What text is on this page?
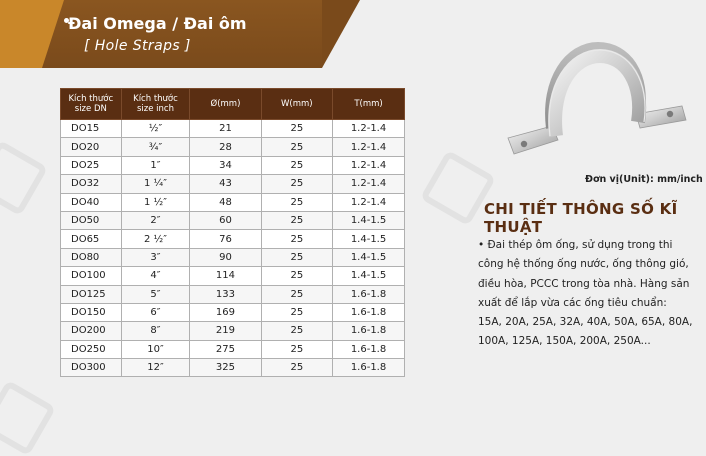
Đai Omega / Đai ôm
[ Hole Straps ]
Kích thước size DN	Kích thước size inch	Ø(mm)	W(mm)	T(mm)
DO15	½″	21	25	1.2-1.4
DO20	¾″	28	25	1.2-1.4
DO25	1″	34	25	1.2-1.4
DO32	1 ¼″	43	25	1.2-1.4
DO40	1 ½″	48	25	1.2-1.4
DO50	2″	60	25	1.4-1.5
DO65	2 ½″	76	25	1.4-1.5
DO80	3″	90	25	1.4-1.5
DO100	4″	114	25	1.4-1.5
DO125	5″	133	25	1.6-1.8
DO150	6″	169	25	1.6-1.8
DO200	8″	219	25	1.6-1.8
DO250	10″	275	25	1.6-1.8
DO300	12″	325	25	1.6-1.8
Đơn vị(Unit): mm/inch
CHI TIẾT THÔNG SỐ KĨ THUẬT
• Đai thép ôm ống, sử dụng trong thi công hệ thống ống nước, ống thông gió, điều hòa, PCCC trong tòa nhà. Hàng sản xuất để lắp vừa các ống tiêu chuẩn: 15A, 20A, 25A, 32A, 40A, 50A, 65A, 80A, 100A, 125A, 150A, 200A, 250A...
